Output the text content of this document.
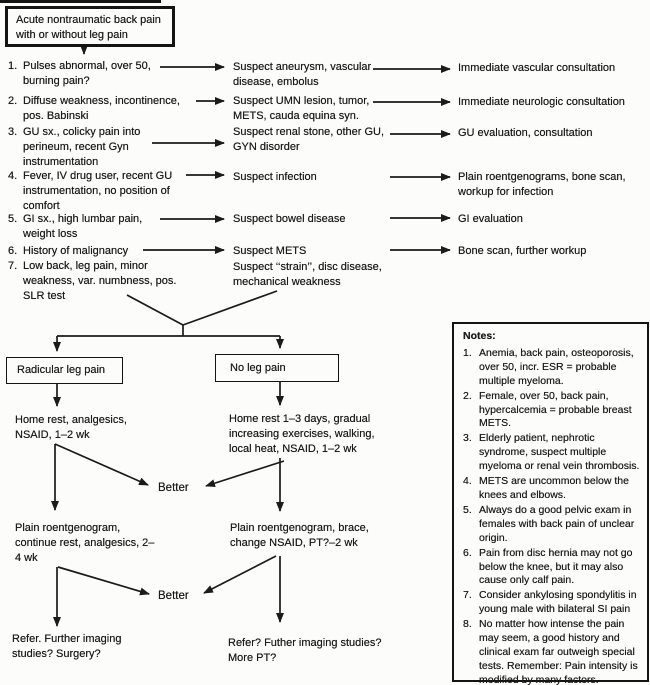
Acute nontraumatic back pain with or without leg pain
1. Pulses abnormal, over 50, burning pain?
2. Diffuse weakness, incontinence, pos. Babinski
3. GU sx., colicky pain into perineum, recent Gyn instrumentation
4. Fever, IV drug user, recent GU instrumentation, no position of comfort
5. GI sx., high lumbar pain, weight loss
6. History of malignancy
7. Low back, leg pain, minor weakness, var. numbness, pos. SLR test
Suspect aneurysm, vascular disease, embolus
Suspect UMN lesion, tumor, METS, cauda equina syn.
Suspect renal stone, other GU, GYN disorder
Suspect infection
Suspect bowel disease
Suspect METS
Suspect ‘‘strain’’, disc disease, mechanical weakness
Immediate vascular consultation
Immediate neurologic consultation
GU evaluation, consultation
Plain roentgenograms, bone scan, workup for infection
GI evaluation
Bone scan, further workup
Radicular leg pain	No leg pain
Home rest, analgesics, NSAID, 1–2 wk
Plain roentgenogram, continue rest, analgesics, 2–4 wk
Refer. Further imaging studies? Surgery?
Home rest 1–3 days, gradual increasing exercises, walking, local heat, NSAID, 1–2 wk
Plain roentgenogram, brace, change NSAID, PT?–2 wk
Refer? Futher imaging studies? More PT?
Better
Better
Notes:
1. Anemia, back pain, osteoporosis, over 50, incr. ESR = probable multiple myeloma.
2. Female, over 50, back pain, hypercalcemia = probable breast METS.
3. Elderly patient, nephrotic syndrome, suspect multiple myeloma or renal vein thrombosis.
4. METS are uncommon below the knees and elbows.
5. Always do a good pelvic exam in females with back pain of unclear origin.
6. Pain from disc hernia may not go below the knee, but it may also cause only calf pain.
7. Consider ankylosing spondylitis in young male with bilateral SI pain
8. No matter how intense the pain may seem, a good history and clinical exam far outweigh special tests. Remember: Pain intensity is modified by many factors.
